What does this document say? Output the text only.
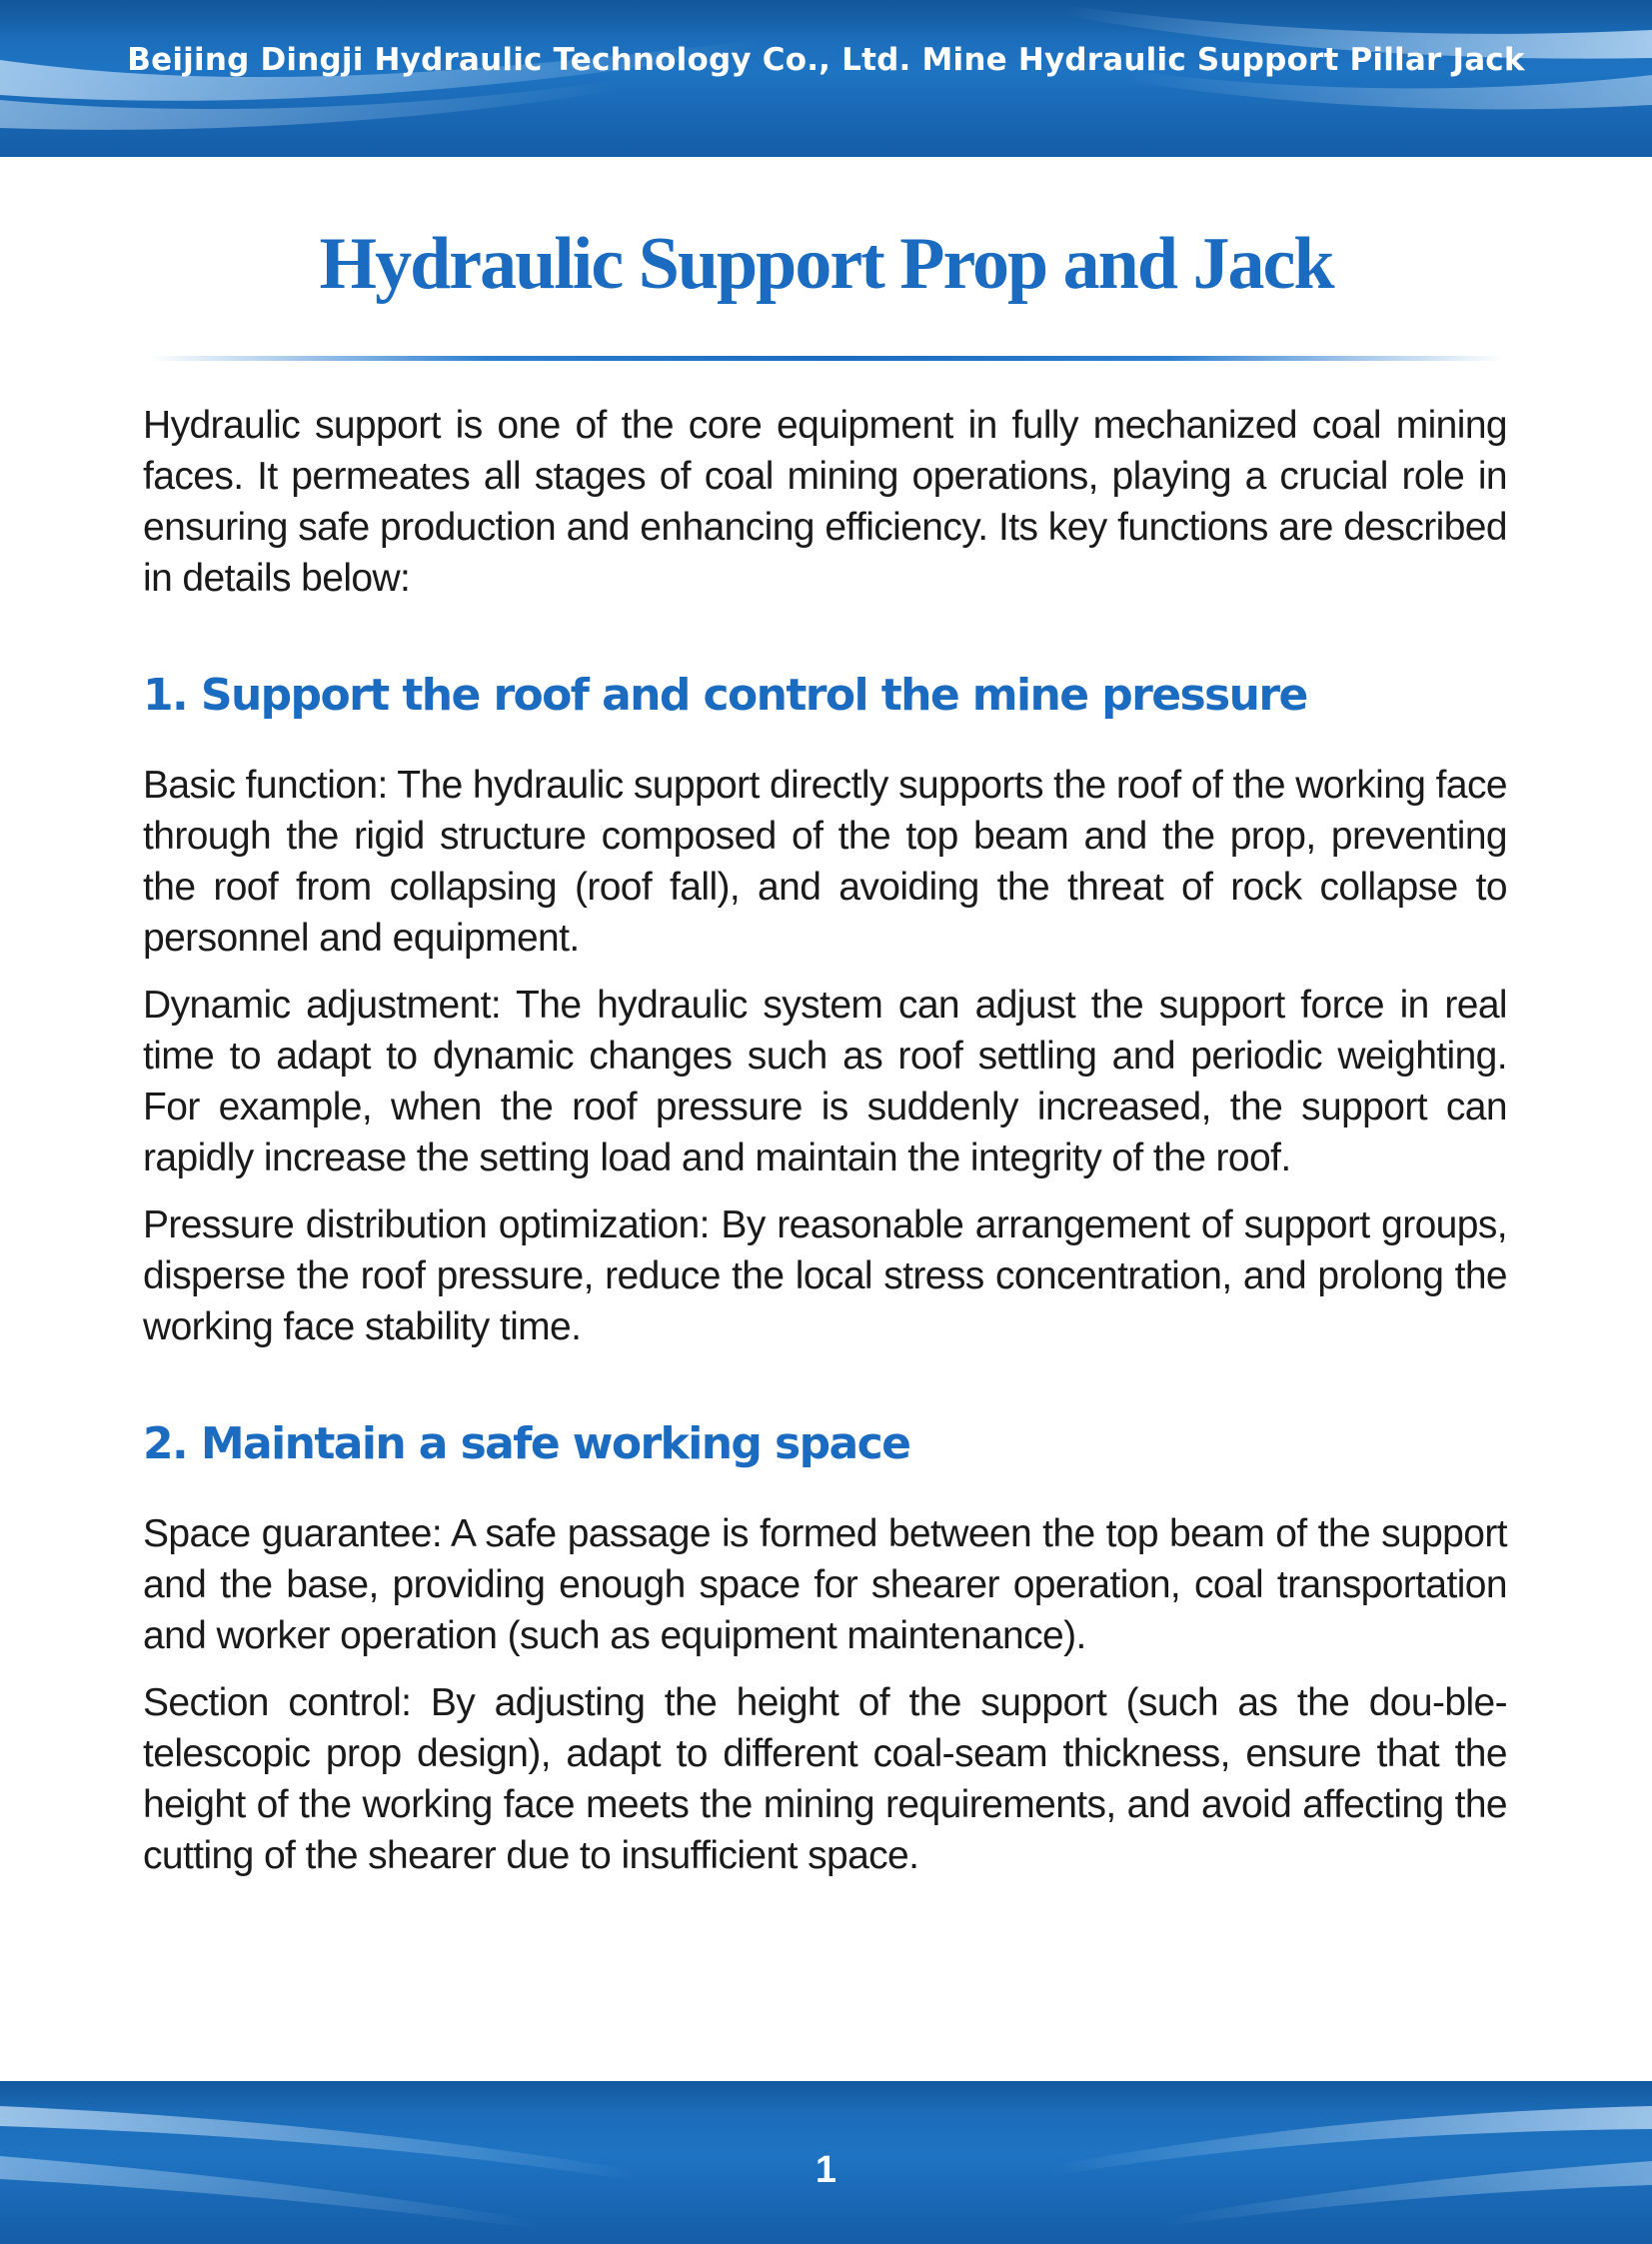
Beijing Dingji Hydraulic Technology Co., Ltd. Mine Hydraulic Support Pillar Jack
Hydraulic Support Prop and Jack

Hydraulic support is one of the core equipment in fully mechanized coal mining faces. It permeates all stages of coal mining operations, playing a crucial role in ensuring safe production and enhancing efficiency. Its key functions are described in details below:

1. Support the roof and control the mine pressure

Basic function: The hydraulic support directly supports the roof of the working face through the rigid structure composed of the top beam and the prop, preventing the roof from collapsing (roof fall), and avoiding the threat of rock collapse to personnel and equipment.

Dynamic adjustment: The hydraulic system can adjust the support force in real time to adapt to dynamic changes such as roof settling and periodic weighting. For example, when the roof pressure is suddenly increased, the support can rapidly increase the setting load and maintain the integrity of the roof.

Pressure distribution optimization: By reasonable arrangement of support groups, disperse the roof pressure, reduce the local stress concentration, and prolong the working face stability time.

2. Maintain a safe working space

Space guarantee: A safe passage is formed between the top beam of the support and the base, providing enough space for shearer operation, coal transportation and worker operation (such as equipment maintenance).

Section control: By adjusting the height of the support (such as the dou-ble-telescopic prop design), adapt to different coal-seam thickness, ensure that the height of the working face meets the mining requirements, and avoid affecting the cutting of the shearer due to insufficient space.

1
